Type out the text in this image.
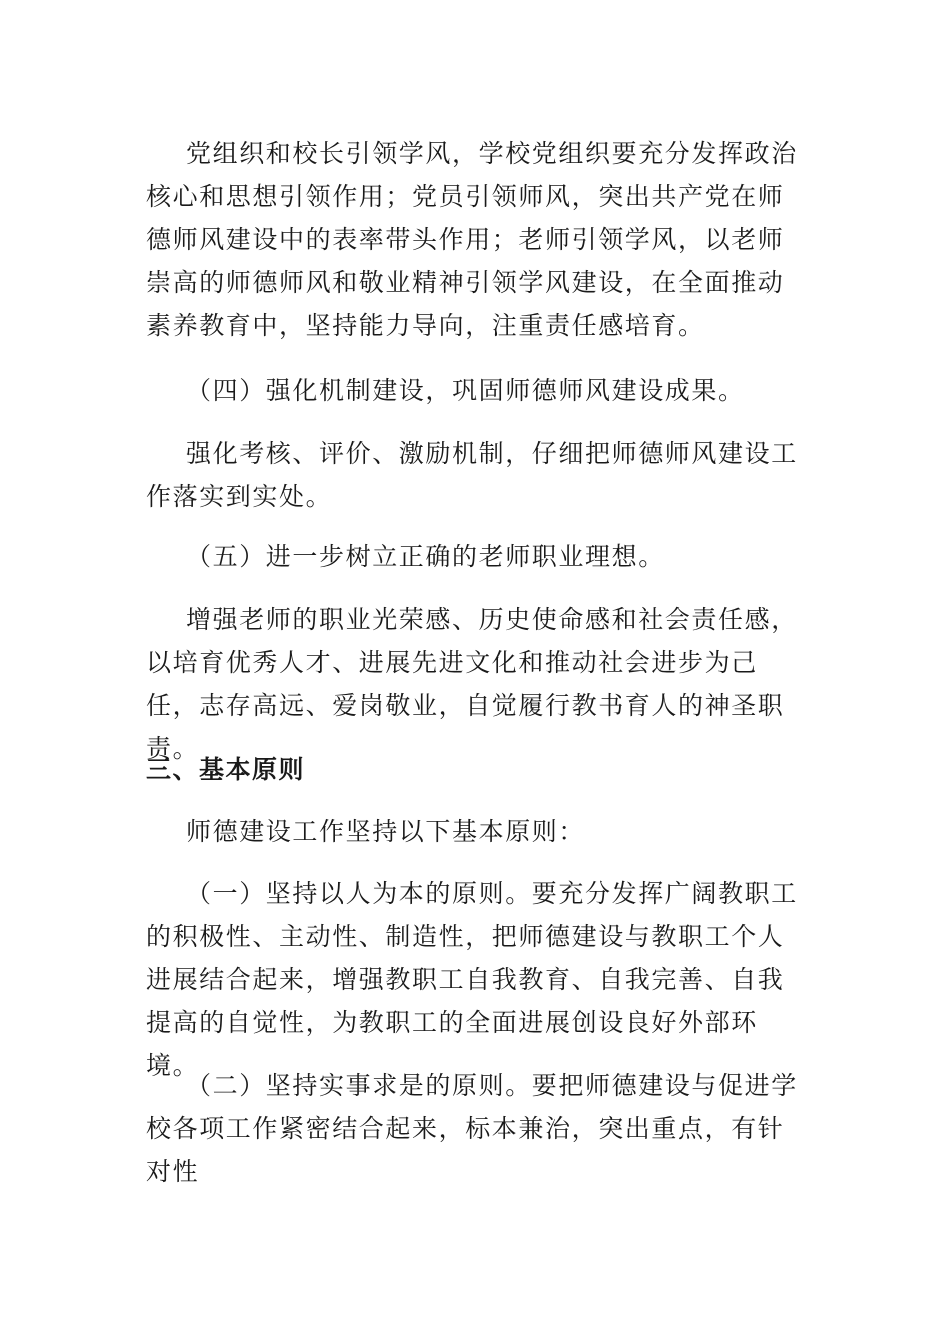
党组织和校长引领学风，学校党组织要充分发挥政治核心和思想引领作用；党员引领师风，突出共产党在师德师风建设中的表率带头作用；老师引领学风，以老师崇高的师德师风和敬业精神引领学风建设，在全面推动素养教育中，坚持能力导向，注重责任感培育。

（四）强化机制建设，巩固师德师风建设成果。

强化考核、评价、激励机制，仔细把师德师风建设工作落实到实处。

（五）进一步树立正确的老师职业理想。

增强老师的职业光荣感、历史使命感和社会责任感，以培育优秀人才、进展先进文化和推动社会进步为己任，志存高远、爱岗敬业，自觉履行教书育人的神圣职责。

三、基本原则

师德建设工作坚持以下基本原则：

（一）坚持以人为本的原则。要充分发挥广阔教职工的积极性、主动性、制造性，把师德建设与教职工个人进展结合起来，增强教职工自我教育、自我完善、自我提高的自觉性，为教职工的全面进展创设良好外部环境。

（二）坚持实事求是的原则。要把师德建设与促进学校各项工作紧密结合起来，标本兼治，突出重点，有针对性
